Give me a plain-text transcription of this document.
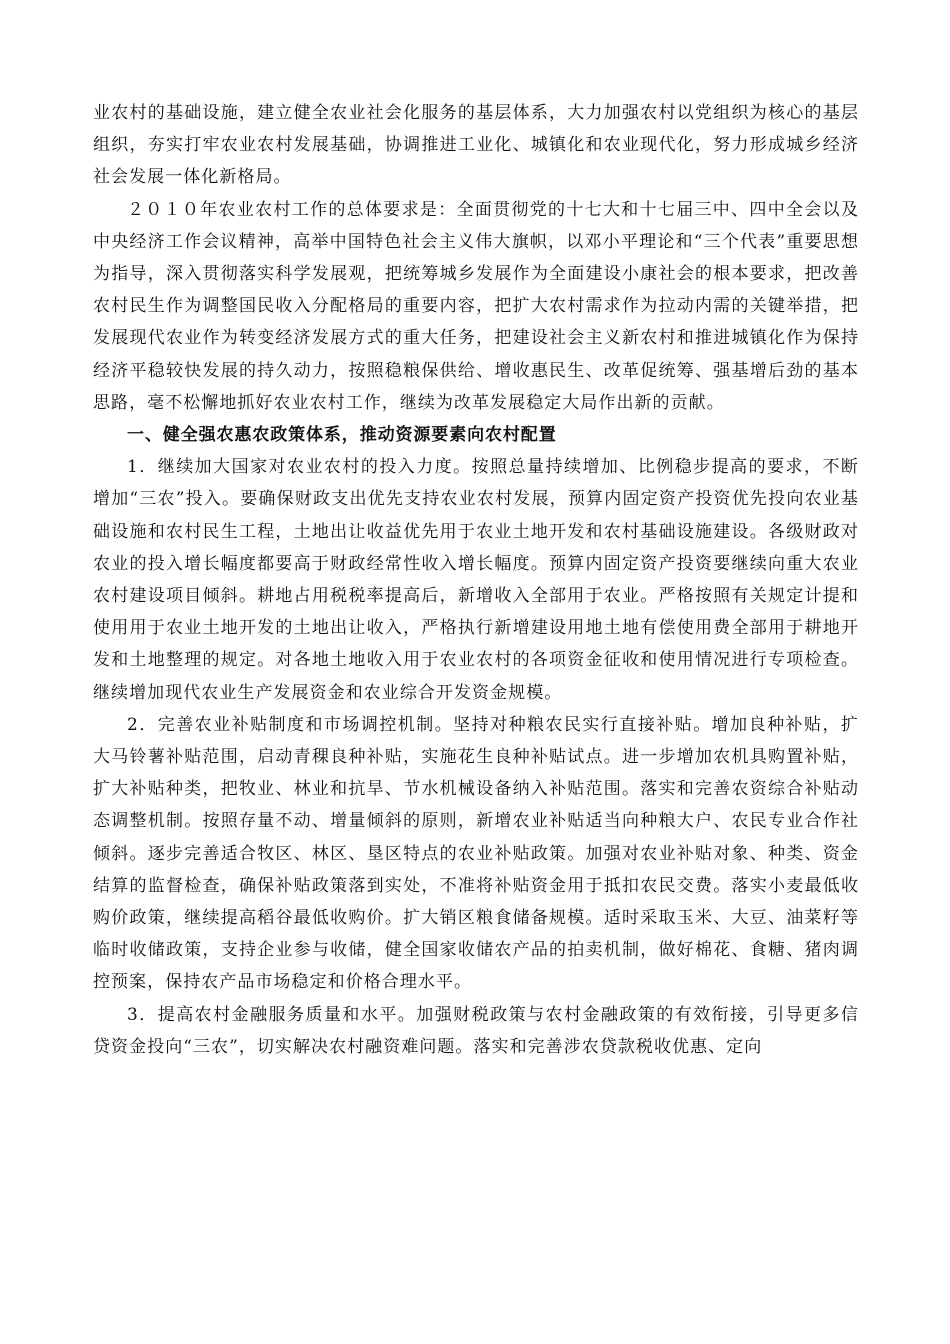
业农村的基础设施，建立健全农业社会化服务的基层体系，大力加强农村以党组织为核心的基层组织，夯实打牢农业农村发展基础，协调推进工业化、城镇化和农业现代化，努力形成城乡经济社会发展一体化新格局。

２０１０年农业农村工作的总体要求是：全面贯彻党的十七大和十七届三中、四中全会以及中央经济工作会议精神，高举中国特色社会主义伟大旗帜，以邓小平理论和“三个代表”重要思想为指导，深入贯彻落实科学发展观，把统筹城乡发展作为全面建设小康社会的根本要求，把改善农村民生作为调整国民收入分配格局的重要内容，把扩大农村需求作为拉动内需的关键举措，把发展现代农业作为转变经济发展方式的重大任务，把建设社会主义新农村和推进城镇化作为保持经济平稳较快发展的持久动力，按照稳粮保供给、增收惠民生、改革促统筹、强基增后劲的基本思路，毫不松懈地抓好农业农村工作，继续为改革发展稳定大局作出新的贡献。

一、健全强农惠农政策体系，推动资源要素向农村配置

1．继续加大国家对农业农村的投入力度。按照总量持续增加、比例稳步提高的要求，不断增加“三农”投入。要确保财政支出优先支持农业农村发展，预算内固定资产投资优先投向农业基础设施和农村民生工程，土地出让收益优先用于农业土地开发和农村基础设施建设。各级财政对农业的投入增长幅度都要高于财政经常性收入增长幅度。预算内固定资产投资要继续向重大农业农村建设项目倾斜。耕地占用税税率提高后，新增收入全部用于农业。严格按照有关规定计提和使用用于农业土地开发的土地出让收入，严格执行新增建设用地土地有偿使用费全部用于耕地开发和土地整理的规定。对各地土地收入用于农业农村的各项资金征收和使用情况进行专项检查。继续增加现代农业生产发展资金和农业综合开发资金规模。

2．完善农业补贴制度和市场调控机制。坚持对种粮农民实行直接补贴。增加良种补贴，扩大马铃薯补贴范围，启动青稞良种补贴，实施花生良种补贴试点。进一步增加农机具购置补贴，扩大补贴种类，把牧业、林业和抗旱、节水机械设备纳入补贴范围。落实和完善农资综合补贴动态调整机制。按照存量不动、增量倾斜的原则，新增农业补贴适当向种粮大户、农民专业合作社倾斜。逐步完善适合牧区、林区、垦区特点的农业补贴政策。加强对农业补贴对象、种类、资金结算的监督检查，确保补贴政策落到实处，不准将补贴资金用于抵扣农民交费。落实小麦最低收购价政策，继续提高稻谷最低收购价。扩大销区粮食储备规模。适时采取玉米、大豆、油菜籽等临时收储政策，支持企业参与收储，健全国家收储农产品的拍卖机制，做好棉花、食糖、猪肉调控预案，保持农产品市场稳定和价格合理水平。

3．提高农村金融服务质量和水平。加强财税政策与农村金融政策的有效衔接，引导更多信贷资金投向“三农”，切实解决农村融资难问题。落实和完善涉农贷款税收优惠、定向
